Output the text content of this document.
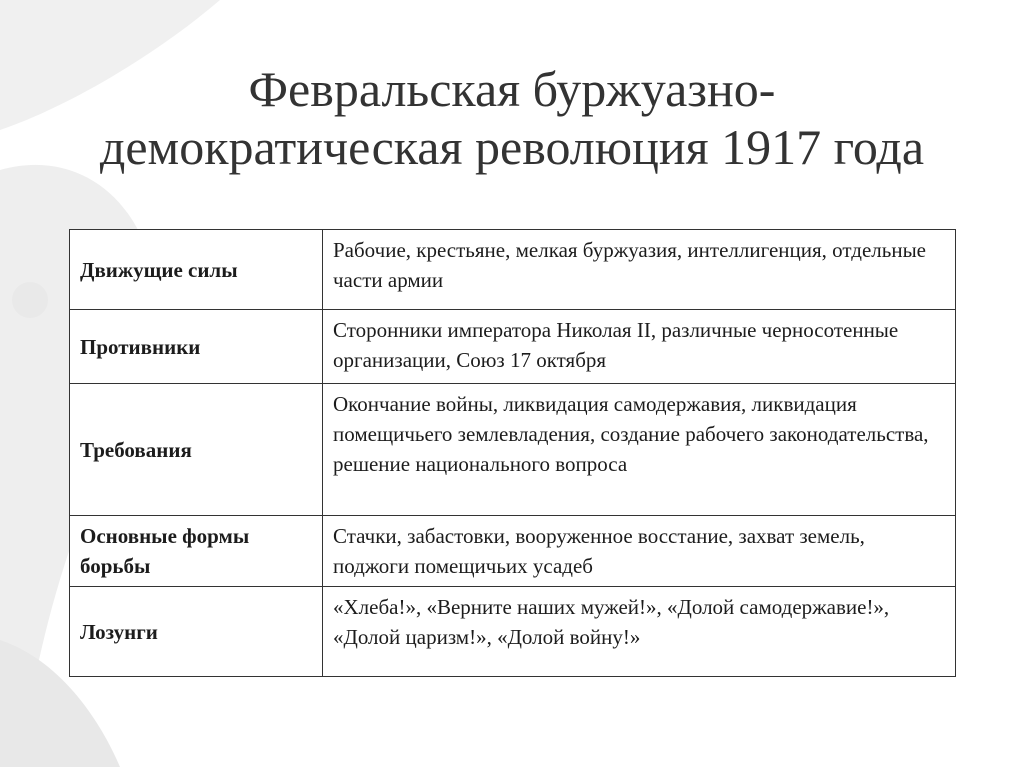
Февральская буржуазно-
демократическая революция 1917 года
Движущие силы	Рабочие, крестьяне, мелкая буржуазия, интеллигенция, отдельные части армии
Противники	Сторонники императора Николая II, различные черносотенные организации, Союз 17 октября
Требования	Окончание войны, ликвидация самодержавия, ликвидация помещичьего землевладения, создание рабочего законодательства, решение национального вопроса
Основные формы борьбы	Стачки, забастовки, вооруженное восстание, захват земель, поджоги помещичьих усадеб
Лозунги	«Хлеба!», «Верните наших мужей!», «Долой самодержавие!», «Долой царизм!», «Долой войну!»
